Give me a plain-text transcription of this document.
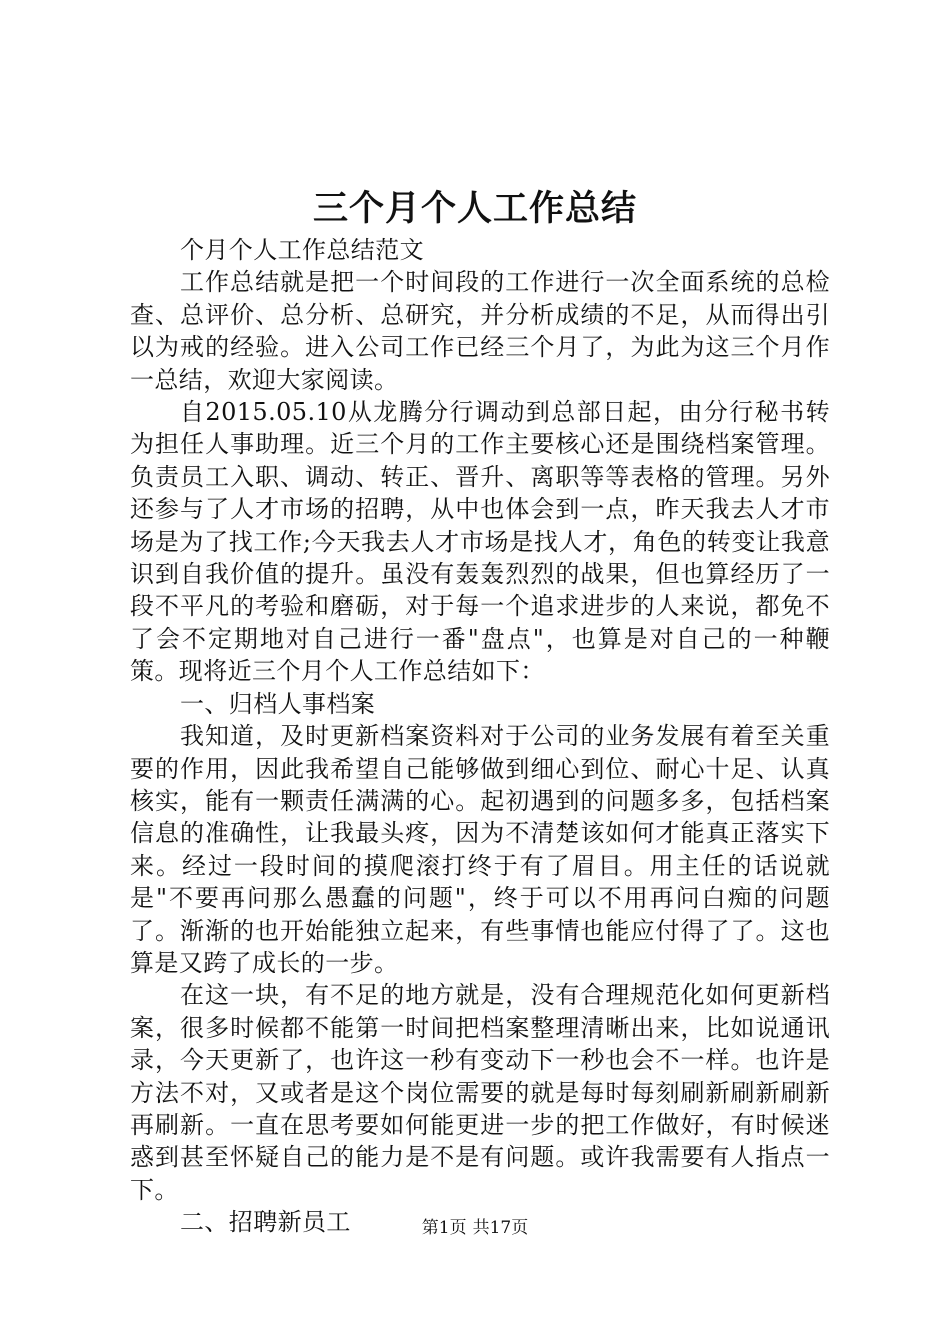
三个月个人工作总结

个月个人工作总结范文

工作总结就是把一个时间段的工作进行一次全面系统的总检查、总评价、总分析、总研究，并分析成绩的不足，从而得出引以为戒的经验。进入公司工作已经三个月了，为此为这三个月作一总结，欢迎大家阅读。

自2015.05.10从龙腾分行调动到总部日起，由分行秘书转为担任人事助理。近三个月的工作主要核心还是围绕档案管理。负责员工入职、调动、转正、晋升、离职等等表格的管理。另外还参与了人才市场的招聘，从中也体会到一点，昨天我去人才市场是为了找工作;今天我去人才市场是找人才，角色的转变让我意识到自我价值的提升。虽没有轰轰烈烈的战果，但也算经历了一段不平凡的考验和磨砺，对于每一个追求进步的人来说，都免不了会不定期地对自己进行一番"盘点"，也算是对自己的一种鞭策。现将近三个月个人工作总结如下：

一、归档人事档案

我知道，及时更新档案资料对于公司的业务发展有着至关重要的作用，因此我希望自己能够做到细心到位、耐心十足、认真核实，能有一颗责任满满的心。起初遇到的问题多多，包括档案信息的准确性，让我最头疼，因为不清楚该如何才能真正落实下来。经过一段时间的摸爬滚打终于有了眉目。用主任的话说就是"不要再问那么愚蠢的问题"，终于可以不用再问白痴的问题了。渐渐的也开始能独立起来，有些事情也能应付得了了。这也算是又跨了成长的一步。

在这一块，有不足的地方就是，没有合理规范化如何更新档案，很多时候都不能第一时间把档案整理清晰出来，比如说通讯录，今天更新了，也许这一秒有变动下一秒也会不一样。也许是方法不对，又或者是这个岗位需要的就是每时每刻刷新刷新刷新再刷新。一直在思考要如何能更进一步的把工作做好，有时候迷惑到甚至怀疑自己的能力是不是有问题。或许我需要有人指点一下。

二、招聘新员工	第1页 共17页
